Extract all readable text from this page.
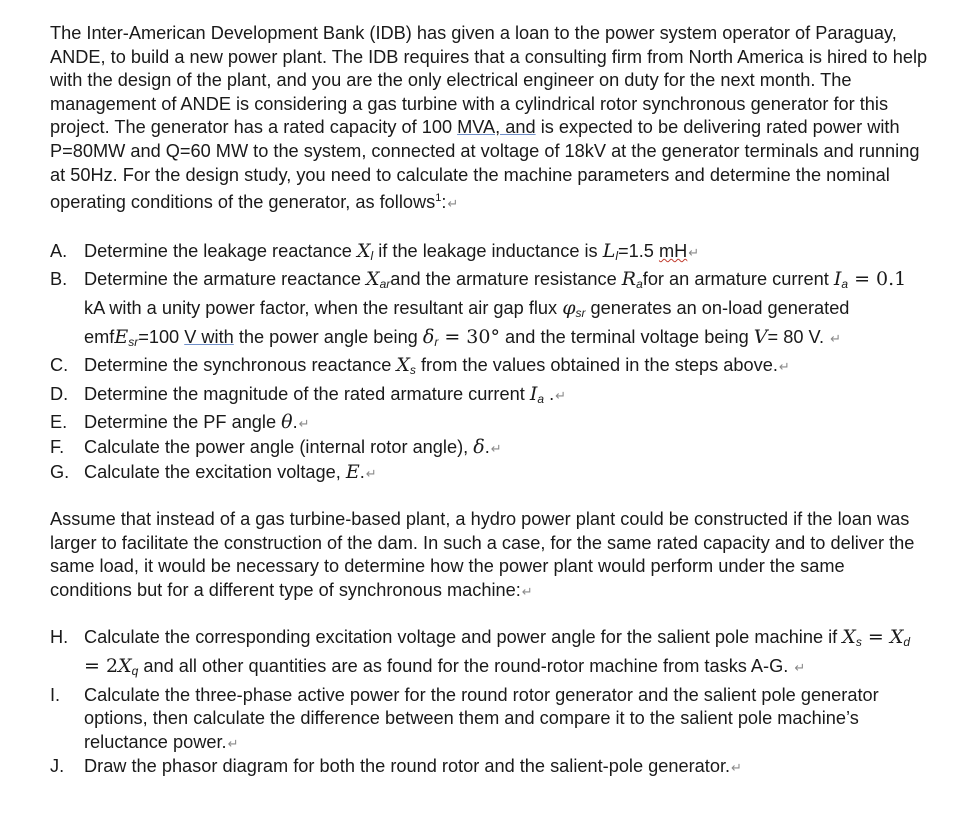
The Inter-American Development Bank (IDB) has given a loan to the power system operator of Paraguay, ANDE, to build a new power plant. The IDB requires that a consulting firm from North America is hired to help with the design of the plant, and you are the only electrical engineer on duty for the next month. The management of ANDE is considering a gas turbine with a cylindrical rotor synchronous generator for this project. The generator has a rated capacity of 100 MVA, and is expected to be delivering rated power with P=80MW and Q=60 MW to the system, connected at voltage of 18kV at the generator terminals and running at 50Hz. For the design study, you need to calculate the machine parameters and determine the nominal operating conditions of the generator, as follows$^1$:↵

A. Determine the leakage reactance $X_l$ if the leakage inductance is $L_l=1.5$ mH↵
B. Determine the armature reactance $X_{ar}and$ the armature resistance $R_afor$ an armature current $I_a = 0.1$ kA with a unity power factor, when the resultant air gap flux $\varphi_{sr}$ generates an on-load generated emfE$_{sr}$=100 V with the power angle being $\delta_r = 30^\circ$ and the terminal voltage being V= 80 V. ↵
C. Determine the synchronous reactance $X_s$ from the values obtained in the steps above.↵
D. Determine the magnitude of the rated armature current $I_a$ .↵
E. Determine the PF angle θ.↵
F. Calculate the power angle (internal rotor angle), δ.↵
G. Calculate the excitation voltage, E.↵

Assume that instead of a gas turbine-based plant, a hydro power plant could be constructed if the loan was larger to facilitate the construction of the dam. In such a case, for the same rated capacity and to deliver the same load, it would be necessary to determine how the power plant would perform under the same conditions but for a different type of synchronous machine:↵

H. Calculate the corresponding excitation voltage and power angle for the salient pole machine if $X_s = X_d = 2X_q$ and all other quantities are as found for the round-rotor machine from tasks A-G. ↵
I. Calculate the three-phase active power for the round rotor generator and the salient pole generator options, then calculate the difference between them and compare it to the salient pole machine’s reluctance power.↵
J. Draw the phasor diagram for both the round rotor and the salient-pole generator.↵
